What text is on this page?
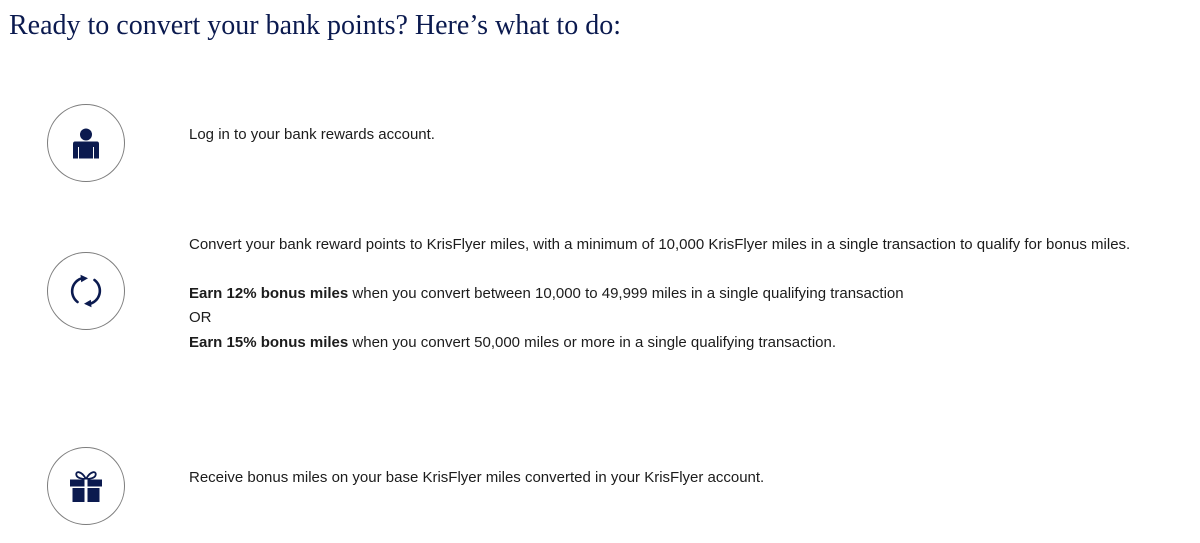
Ready to convert your bank points? Here’s what to do:

Log in to your bank rewards account.

Convert your bank reward points to KrisFlyer miles, with a minimum of 10,000 KrisFlyer miles in a single transaction to qualify for bonus miles.

Earn 12% bonus miles when you convert between 10,000 to 49,999 miles in a single qualifying transaction

OR

Earn 15% bonus miles when you convert 50,000 miles or more in a single qualifying transaction.

Receive bonus miles on your base KrisFlyer miles converted in your KrisFlyer account.
